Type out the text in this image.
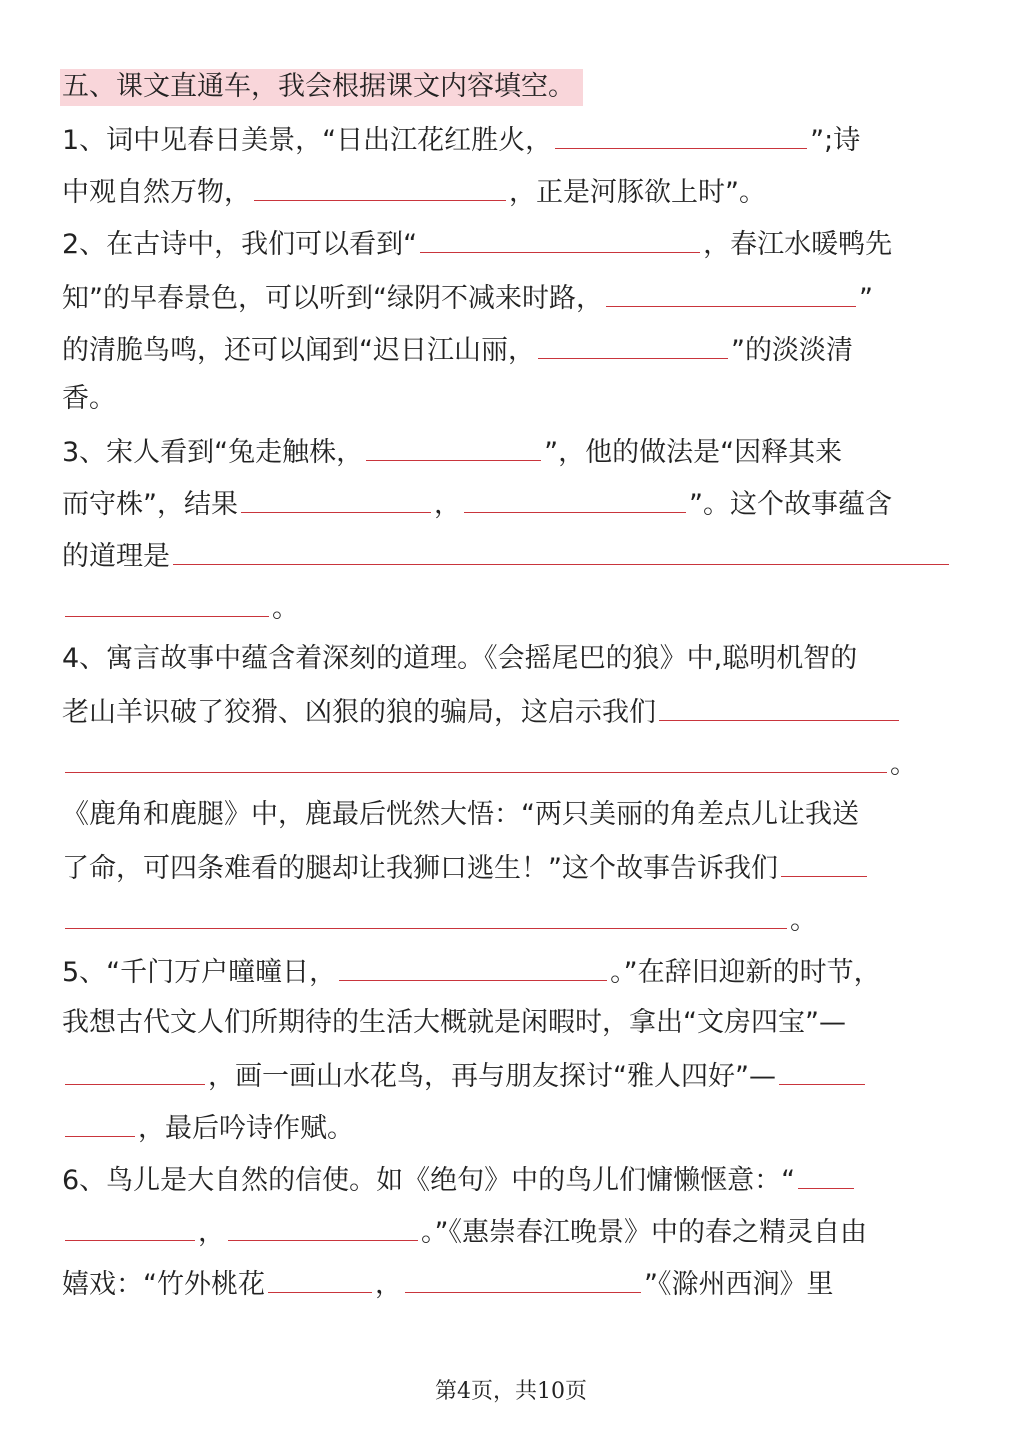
五、课文直通车，我会根据课文内容填空。
1、词中见春日美景，“日出江花红胜火，	”;诗
中观自然万物，	，正是河豚欲上时”。
2、在古诗中，我们可以看到“	，春江水暖鸭先
知”的早春景色，可以听到“绿阴不减来时路，	”
的清脆鸟鸣，还可以闻到“迟日江山丽，	”的淡淡清
香。
3、宋人看到“兔走触株，	”，他的做法是“因释其来
而守株”，结果	，	”。这个故事蕴含
的道理是
。
4、寓言故事中蕴含着深刻的道理。《会摇尾巴的狼》中,聪明机智的
老山羊识破了狡猾、凶狠的狼的骗局，这启示我们
。
《鹿角和鹿腿》中，鹿最后恍然大悟：“两只美丽的角差点儿让我送
了命，可四条难看的腿却让我狮口逃生！”这个故事告诉我们
。
5、“千门万户曈曈日，	。”在辞旧迎新的时节，
我想古代文人们所期待的生活大概就是闲暇时，拿出“文房四宝”—
，画一画山水花鸟，再与朋友探讨“雅人四好”—
，最后吟诗作赋。
6、鸟儿是大自然的信使。如《绝句》中的鸟儿们慵懒惬意：“
，	。”《惠崇春江晚景》中的春之精灵自由
嬉戏：“竹外桃花	，	”《滁州西涧》里
第4页，共10页
